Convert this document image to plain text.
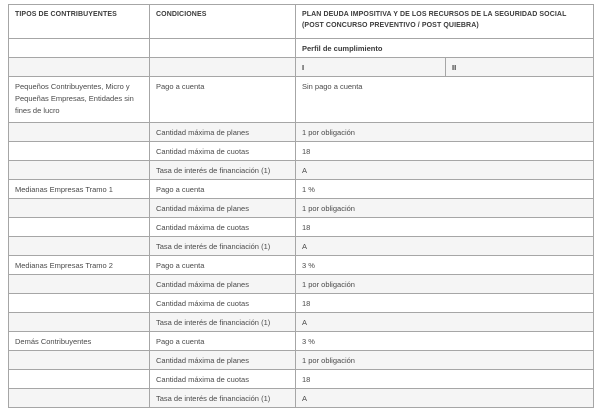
TIPOS DE CONTRIBUYENTES	CONDICIONES	PLAN DEUDA IMPOSITIVA Y DE LOS RECURSOS DE LA SEGURIDAD SOCIAL (POST CONCURSO PREVENTIVO / POST QUIEBRA)	
		Perfil de cumplimiento	
		I	II
Pequeños Contribuyentes, Micro y Pequeñas Empresas, Entidades sin fines de lucro	Pago a cuenta	Sin pago a cuenta	
	Cantidad máxima de planes	1 por obligación	
	Cantidad máxima de cuotas	18	
	Tasa de interés de financiación (1)	A	
Medianas Empresas Tramo 1	Pago a cuenta	1 %	
	Cantidad máxima de planes	1 por obligación	
	Cantidad máxima de cuotas	18	
	Tasa de interés de financiación (1)	A	
Medianas Empresas Tramo 2	Pago a cuenta	3 %	
	Cantidad máxima de planes	1 por obligación	
	Cantidad máxima de cuotas	18	
	Tasa de interés de financiación (1)	A	
Demás Contribuyentes	Pago a cuenta	3 %	
	Cantidad máxima de planes	1 por obligación	
	Cantidad máxima de cuotas	18	
	Tasa de interés de financiación (1)	A	
